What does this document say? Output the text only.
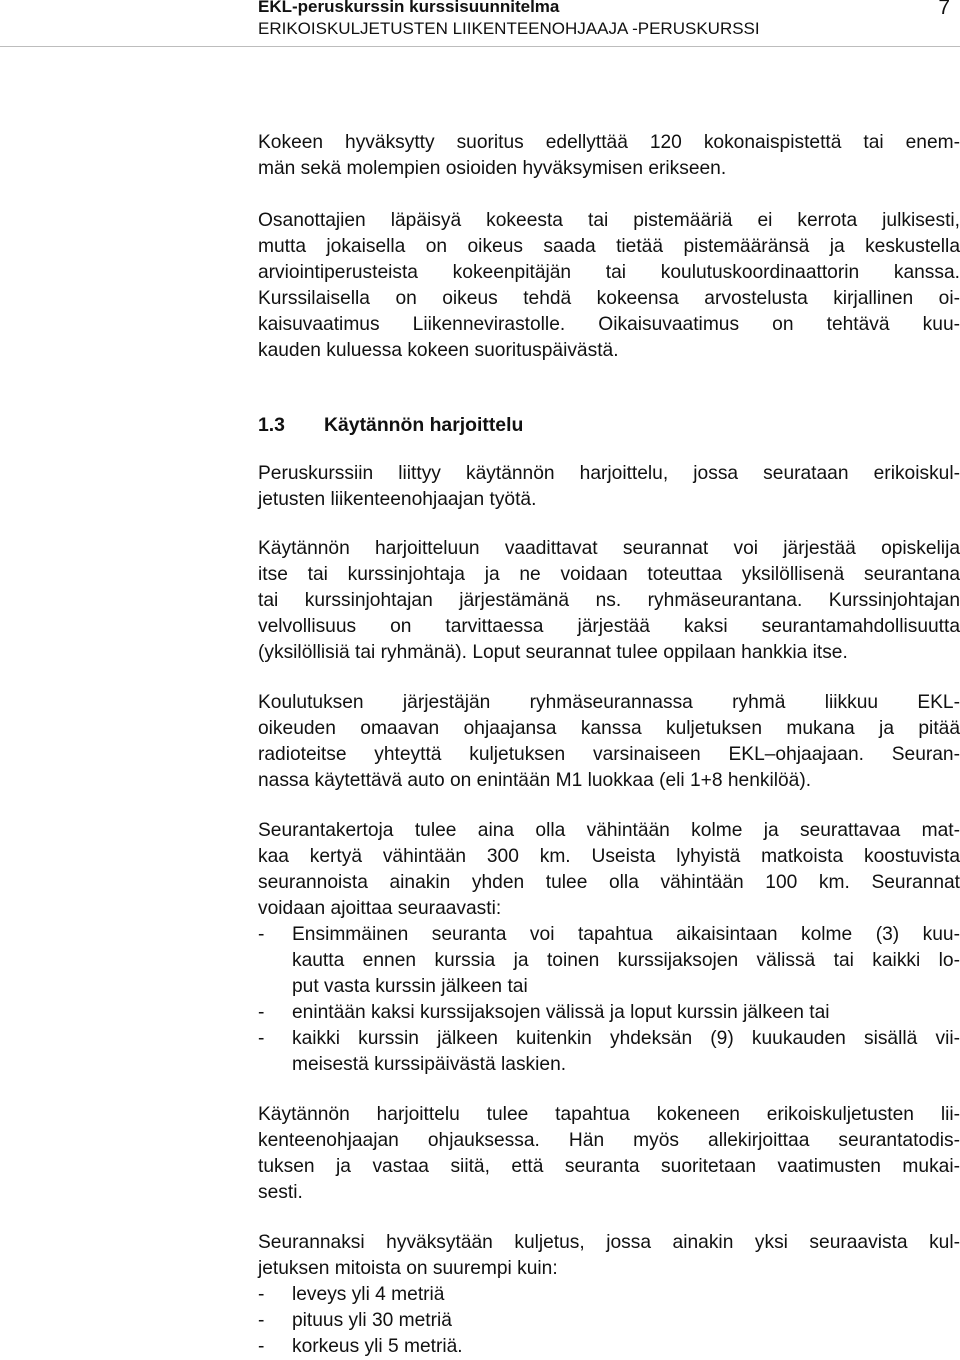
EKL-peruskurssin kurssisuunnitelma
ERIKOISKULJETUSTEN LIIKENTEENOHJAAJA -PERUSKURSSI
7

Kokeen hyväksytty suoritus edellyttää 120 kokonaispistettä tai enem-
män sekä molempien osioiden hyväksymisen erikseen.

Osanottajien läpäisyä kokeesta tai pistemääriä ei kerrota julkisesti,
mutta jokaisella on oikeus saada tietää pistemääränsä ja keskustella
arviointiperusteista kokeenpitäjän tai koulutuskoordinaattorin kanssa.
Kurssilaisella on oikeus tehdä kokeensa arvostelusta kirjallinen oi-
kaisuvaatimus Liikennevirastolle. Oikaisuvaatimus on tehtävä kuu-
kauden kuluessa kokeen suorituspäivästä.

1.3 Käytännön harjoittelu

Peruskurssiin liittyy käytännön harjoittelu, jossa seurataan erikoiskul-
jetusten liikenteenohjaajan työtä.

Käytännön harjoitteluun vaadittavat seurannat voi järjestää opiskelija
itse tai kurssinjohtaja ja ne voidaan toteuttaa yksilöllisenä seurantana
tai kurssinjohtajan järjestämänä ns. ryhmäseurantana. Kurssinjohtajan
velvollisuus on tarvittaessa järjestää kaksi seurantamahdollisuutta
(yksilöllisiä tai ryhmänä). Loput seurannat tulee oppilaan hankkia itse.

Koulutuksen järjestäjän ryhmäseurannassa ryhmä liikkuu EKL-
oikeuden omaavan ohjaajansa kanssa kuljetuksen mukana ja pitää
radioteitse yhteyttä kuljetuksen varsinaiseen EKL–ohjaajaan. Seuran-
nassa käytettävä auto on enintään M1 luokkaa (eli 1+8 henkilöä).

Seurantakertoja tulee aina olla vähintään kolme ja seurattavaa mat-
kaa kertyä vähintään 300 km. Useista lyhyistä matkoista koostuvista
seurannoista ainakin yhden tulee olla vähintään 100 km. Seurannat
voidaan ajoittaa seuraavasti:

- Ensimmäinen seuranta voi tapahtua aikaisintaan kolme (3) kuu-
kautta ennen kurssia ja toinen kurssijaksojen välissä tai kaikki lo-
put vasta kurssin jälkeen tai
- enintään kaksi kurssijaksojen välissä ja loput kurssin jälkeen tai
- kaikki kurssin jälkeen kuitenkin yhdeksän (9) kuukauden sisällä vii-
meisestä kurssipäivästä laskien.

Käytännön harjoittelu tulee tapahtua kokeneen erikoiskuljetusten lii-
kenteenohjaajan ohjauksessa. Hän myös allekirjoittaa seurantatodis-
tuksen ja vastaa siitä, että seuranta suoritetaan vaatimusten mukai-
sesti.

Seurannaksi hyväksytään kuljetus, jossa ainakin yksi seuraavista kul-
jetuksen mitoista on suurempi kuin:

- leveys yli 4 metriä
- pituus yli 30 metriä
- korkeus yli 5 metriä.
